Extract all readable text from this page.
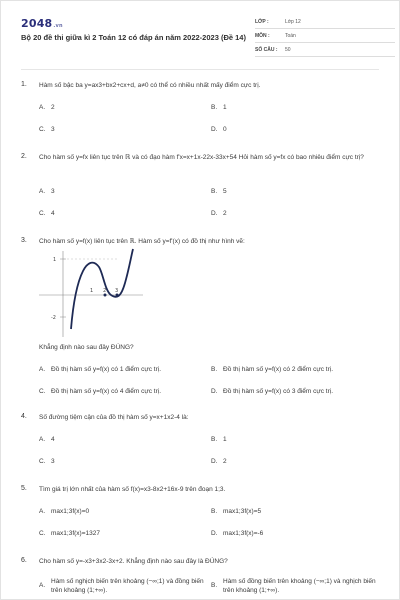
2048.vn
Bộ 20 đề thi giữa kì 2 Toán 12 có đáp án năm 2022-2023 (Đề 14)
LỚP :	Lớp 12
MÔN :	Toán
SỐ CÂU : 50
1. Hàm số bậc ba y=ax3+bx2+cx+d, a≠0 có thể có nhiều nhất mấy điểm cực trị.
A. 2	B. 1
C. 3	D. 0
2. Cho hàm số y=fx liên tục trên ℝ và có đạo hàm f'x=x+1x-22x-33x+54 Hỏi hàm số y=fx có bao nhiêu điểm cực trị?
A. 3	B. 5
C. 4	D. 2
3. Cho hàm số y=f(x) liên tục trên ℝ. Hàm số y=f'(x) có đồ thị như hình vẽ:
Khẳng định nào sau đây ĐÚNG?
A. Đồ thị hàm số y=f(x) có 1 điểm cực trị.	B. Đồ thị hàm số y=f(x) có 2 điểm cực trị.
C. Đồ thị hàm số y=f(x) có 4 điểm cực trị.	D. Đồ thị hàm số y=f(x) có 3 điểm cực trị.
1
-2
1 2 3
4. Số đường tiệm cận của đồ thị hàm số y=x+1x2-4 là:
A. 4	B. 1
C. 3	D. 2
5. Tìm giá trị lớn nhất của hàm số f(x)=x3-8x2+16x-9 trên đoạn 1;3.
A. max1;3f(x)=0	B. max1;3f(x)=5
C. max1;3f(x)=1327	D. max1;3f(x)=-6
6. Cho hàm số y=-x3+3x2-3x+2. Khẳng định nào sau đây là ĐÚNG?
A.
Hàm số nghịch biến trên khoảng (−∞;1) và đồng biến trên khoảng (1;+∞).
B.
Hàm số đồng biến trên khoảng (−∞;1) và nghịch biến trên khoảng (1;+∞).
